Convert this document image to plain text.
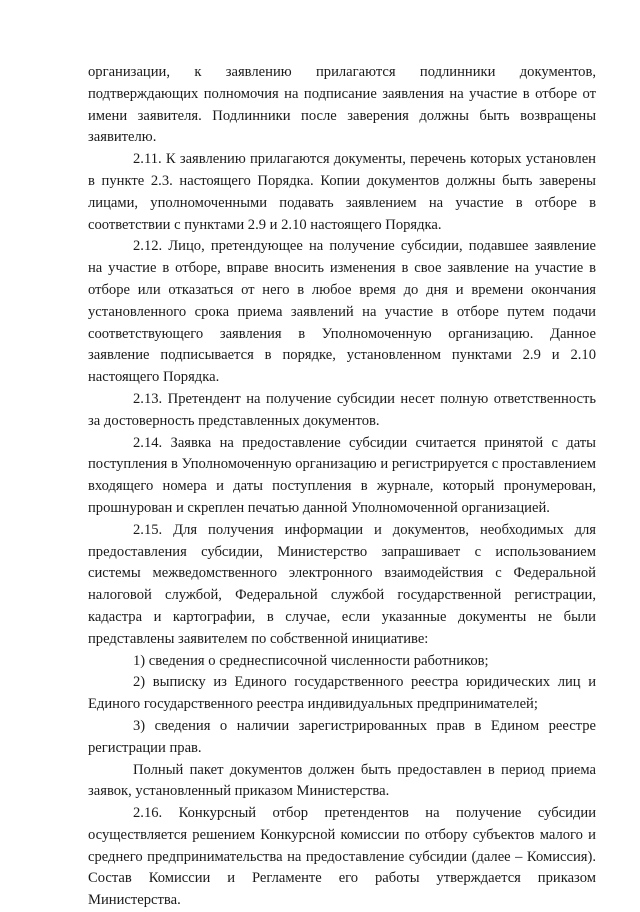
организации, к заявлению прилагаются подлинники документов, подтверждающих полномочия на подписание заявления на участие в отборе от имени заявителя. Подлинники после заверения должны быть возвращены заявителю.

2.11. К заявлению прилагаются документы, перечень которых установлен в пункте 2.3. настоящего Порядка. Копии документов должны быть заверены лицами, уполномоченными подавать заявлением на участие в отборе в соответствии с пунктами 2.9 и 2.10 настоящего Порядка.

2.12. Лицо, претендующее на получение субсидии, подавшее заявление на участие в отборе, вправе вносить изменения в свое заявление на участие в отборе или отказаться от него в любое время до дня и времени окончания установленного срока приема заявлений на участие в отборе путем подачи соответствующего заявления в Уполномоченную организацию. Данное заявление подписывается в порядке, установленном пунктами 2.9 и 2.10 настоящего Порядка.

2.13. Претендент на получение субсидии несет полную ответственность за достоверность представленных документов.

2.14. Заявка на предоставление субсидии считается принятой с даты поступления в Уполномоченную организацию и регистрируется с проставлением входящего номера и даты поступления в журнале, который пронумерован, прошнурован и скреплен печатью данной Уполномоченной организацией.

2.15. Для получения информации и документов, необходимых для предоставления субсидии, Министерство запрашивает с использованием системы межведомственного электронного взаимодействия с Федеральной налоговой службой, Федеральной службой государственной регистрации, кадастра и картографии, в случае, если указанные документы не были представлены заявителем по собственной инициативе:

1) сведения о среднесписочной численности работников;

2) выписку из Единого государственного реестра юридических лиц и Единого государственного реестра индивидуальных предпринимателей;

3) сведения о наличии зарегистрированных прав в Едином реестре регистрации прав.

Полный пакет документов должен быть предоставлен в период приема заявок, установленный приказом Министерства.

2.16. Конкурсный отбор претендентов на получение субсидии осуществляется решением Конкурсной комиссии по отбору субъектов малого и среднего предпринимательства на предоставление субсидии (далее – Комиссия). Состав Комиссии и Регламенте его работы утверждается приказом Министерства.
